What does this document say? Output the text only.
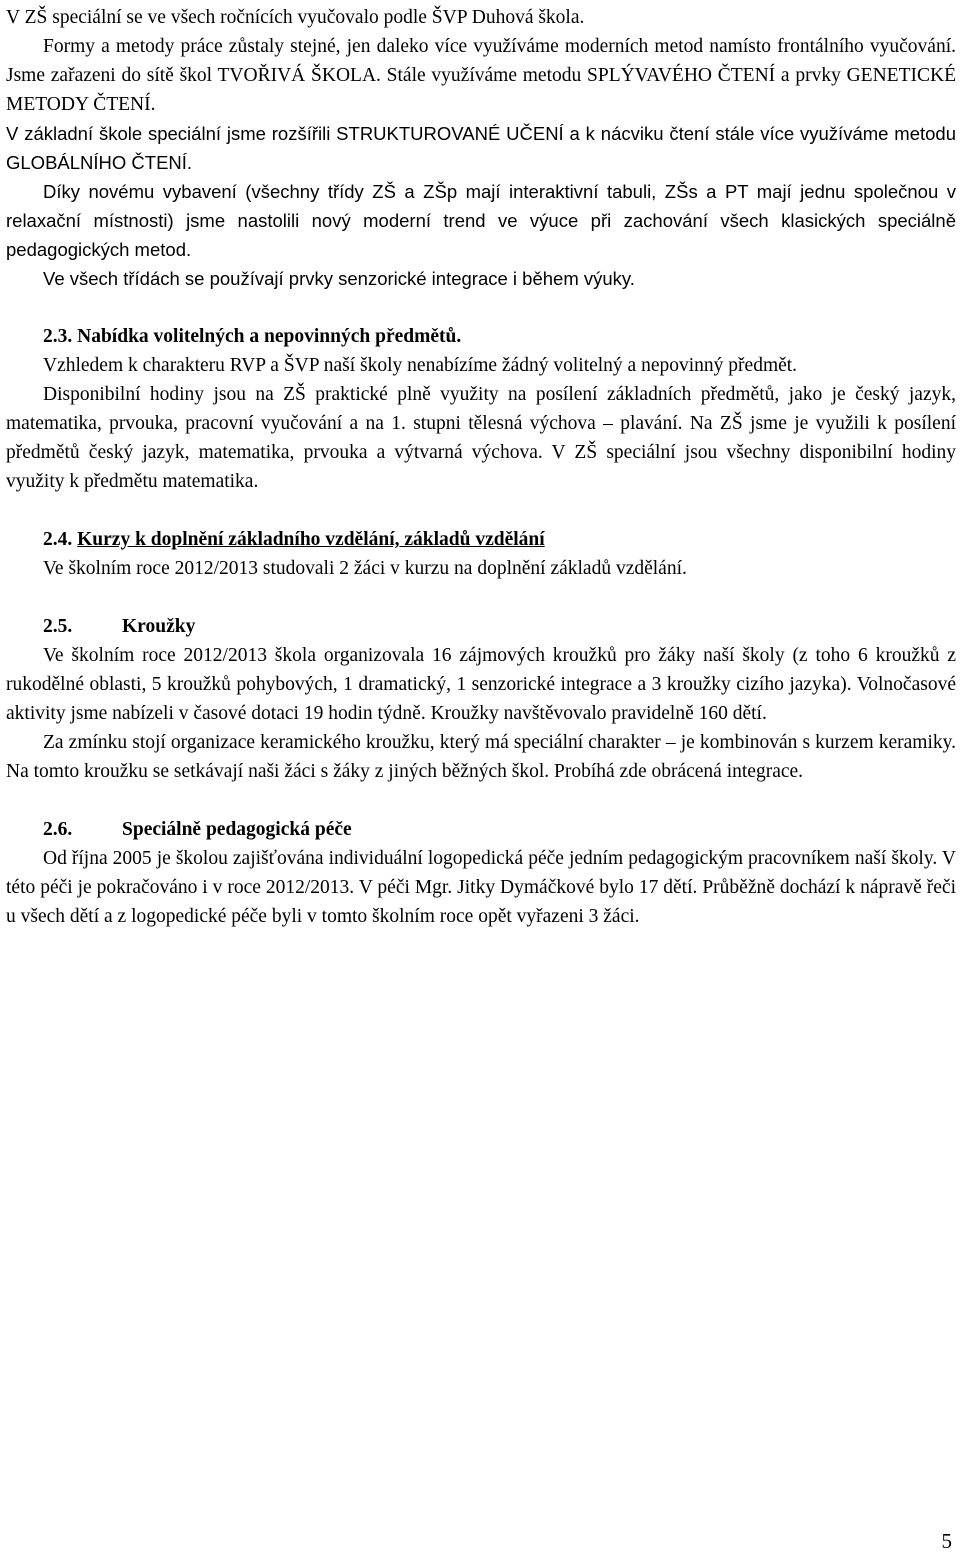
V ZŠ speciální se ve všech ročnících vyučovalo podle ŠVP Duhová škola.

Formy a metody práce zůstaly stejné, jen daleko více využíváme moderních metod namísto frontálního vyučování. Jsme zařazeni do sítě škol TVOŘIVÁ ŠKOLA. Stále využíváme metodu SPLÝVAVÉHO ČTENÍ a prvky GENETICKÉ METODY ČTENÍ.

V základní škole speciální jsme rozšířili STRUKTUROVANÉ UČENÍ a k nácviku čtení stále více využíváme metodu GLOBÁLNÍHO ČTENÍ.

Díky novému vybavení (všechny třídy ZŠ a ZŠp mají interaktivní tabuli, ZŠs a PT mají jednu společnou v relaxační místnosti) jsme nastolili nový moderní trend ve výuce při zachování všech klasických speciálně pedagogických metod.

Ve všech třídách se používají prvky senzorické integrace i během výuky.

2.3. Nabídka volitelných a nepovinných předmětů.

Vzhledem k charakteru RVP a ŠVP naší školy nenabízíme žádný volitelný a nepovinný předmět.

Disponibilní hodiny jsou na ZŠ praktické plně využity na posílení základních předmětů, jako je český jazyk, matematika, prvouka, pracovní vyučování a na 1. stupni tělesná výchova – plavání. Na ZŠ jsme je využili k posílení předmětů český jazyk, matematika, prvouka a výtvarná výchova. V ZŠ speciální jsou všechny disponibilní hodiny využity k předmětu matematika.

2.4. Kurzy k doplnění základního vzdělání, základů vzdělání

Ve školním roce 2012/2013 studovali 2 žáci v kurzu na doplnění základů vzdělání.

2.5.	Kroužky

Ve školním roce 2012/2013 škola organizovala 16 zájmových kroužků pro žáky naší školy (z toho 6 kroužků z rukodělné oblasti, 5 kroužků pohybových, 1 dramatický, 1 senzorické integrace a 3 kroužky cizího jazyka). Volnočasové aktivity jsme nabízeli v časové dotaci 19 hodin týdně. Kroužky navštěvovalo pravidelně 160 dětí.

Za zmínku stojí organizace keramického kroužku, který má speciální charakter – je kombinován s kurzem keramiky. Na tomto kroužku se setkávají naši žáci s žáky z jiných běžných škol. Probíhá zde obrácená integrace.

2.6.	Speciálně pedagogická péče

Od října 2005 je školou zajišťována individuální logopedická péče jedním pedagogickým pracovníkem naší školy. V této péči je pokračováno i v roce 2012/2013. V péči Mgr. Jitky Dymáčkové bylo 17 dětí. Průběžně dochází k nápravě řeči u všech dětí a z logopedické péče byli v tomto školním roce opět vyřazeni 3 žáci.

5
